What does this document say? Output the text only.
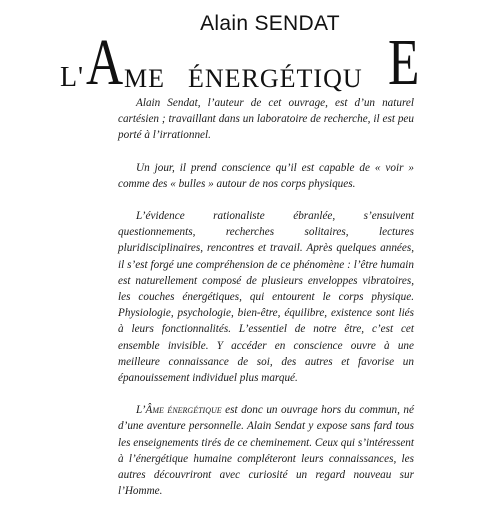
Alain SENDAT
L ' A ME ÉNERGÉTIQU E

Alain Sendat, l’auteur de cet ouvrage, est d’un naturel cartésien ; travaillant dans un laboratoire de recherche, il est peu porté à l’irrationnel.

Un jour, il prend conscience qu’il est capable de « voir » comme des « bulles » autour de nos corps physiques.

L’évidence rationaliste ébranlée, s’ensuivent questionnements, recherches solitaires, lectures pluridisciplinaires, rencontres et travail. Après quelques années, il s’est forgé une compréhension de ce phénomène : l’être humain est naturellement composé de plusieurs enveloppes vibratoires, les couches énergétiques, qui entourent le corps physique. Physiologie, psychologie, bien-être, équilibre, existence sont liés à leurs fonctionnalités. L’essentiel de notre être, c’est cet ensemble invisible. Y accéder en conscience ouvre à une meilleure connaissance de soi, des autres et favorise un épanouissement individuel plus marqué.

L’Âme énergétique est donc un ouvrage hors du commun, né d’une aventure personnelle. Alain Sendat y expose sans fard tous les enseignements tirés de ce cheminement. Ceux qui s’intéressent à l’énergétique humaine compléteront leurs connaissances, les autres découvriront avec curiosité un regard nouveau sur l’Homme.
